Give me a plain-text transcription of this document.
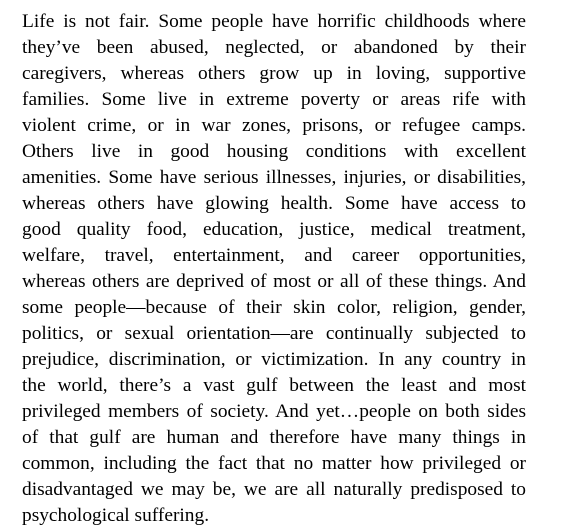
Life is not fair. Some people have horrific childhoods where
they’ve been abused, neglected, or abandoned by their
caregivers, whereas others grow up in loving, supportive
families. Some live in extreme poverty or areas rife with
violent crime, or in war zones, prisons, or refugee camps.
Others live in good housing conditions with excellent
amenities. Some have serious illnesses, injuries, or disabilities,
whereas others have glowing health. Some have access to
good quality food, education, justice, medical treatment,
welfare, travel, entertainment, and career opportunities,
whereas others are deprived of most or all of these things. And
some people—because of their skin color, religion, gender,
politics, or sexual orientation—are continually subjected to
prejudice, discrimination, or victimization. In any country in
the world, there’s a vast gulf between the least and most
privileged members of society. And yet…people on both sides
of that gulf are human and therefore have many things in
common, including the fact that no matter how privileged or
disadvantaged we may be, we are all naturally predisposed to
psychological suffering.
